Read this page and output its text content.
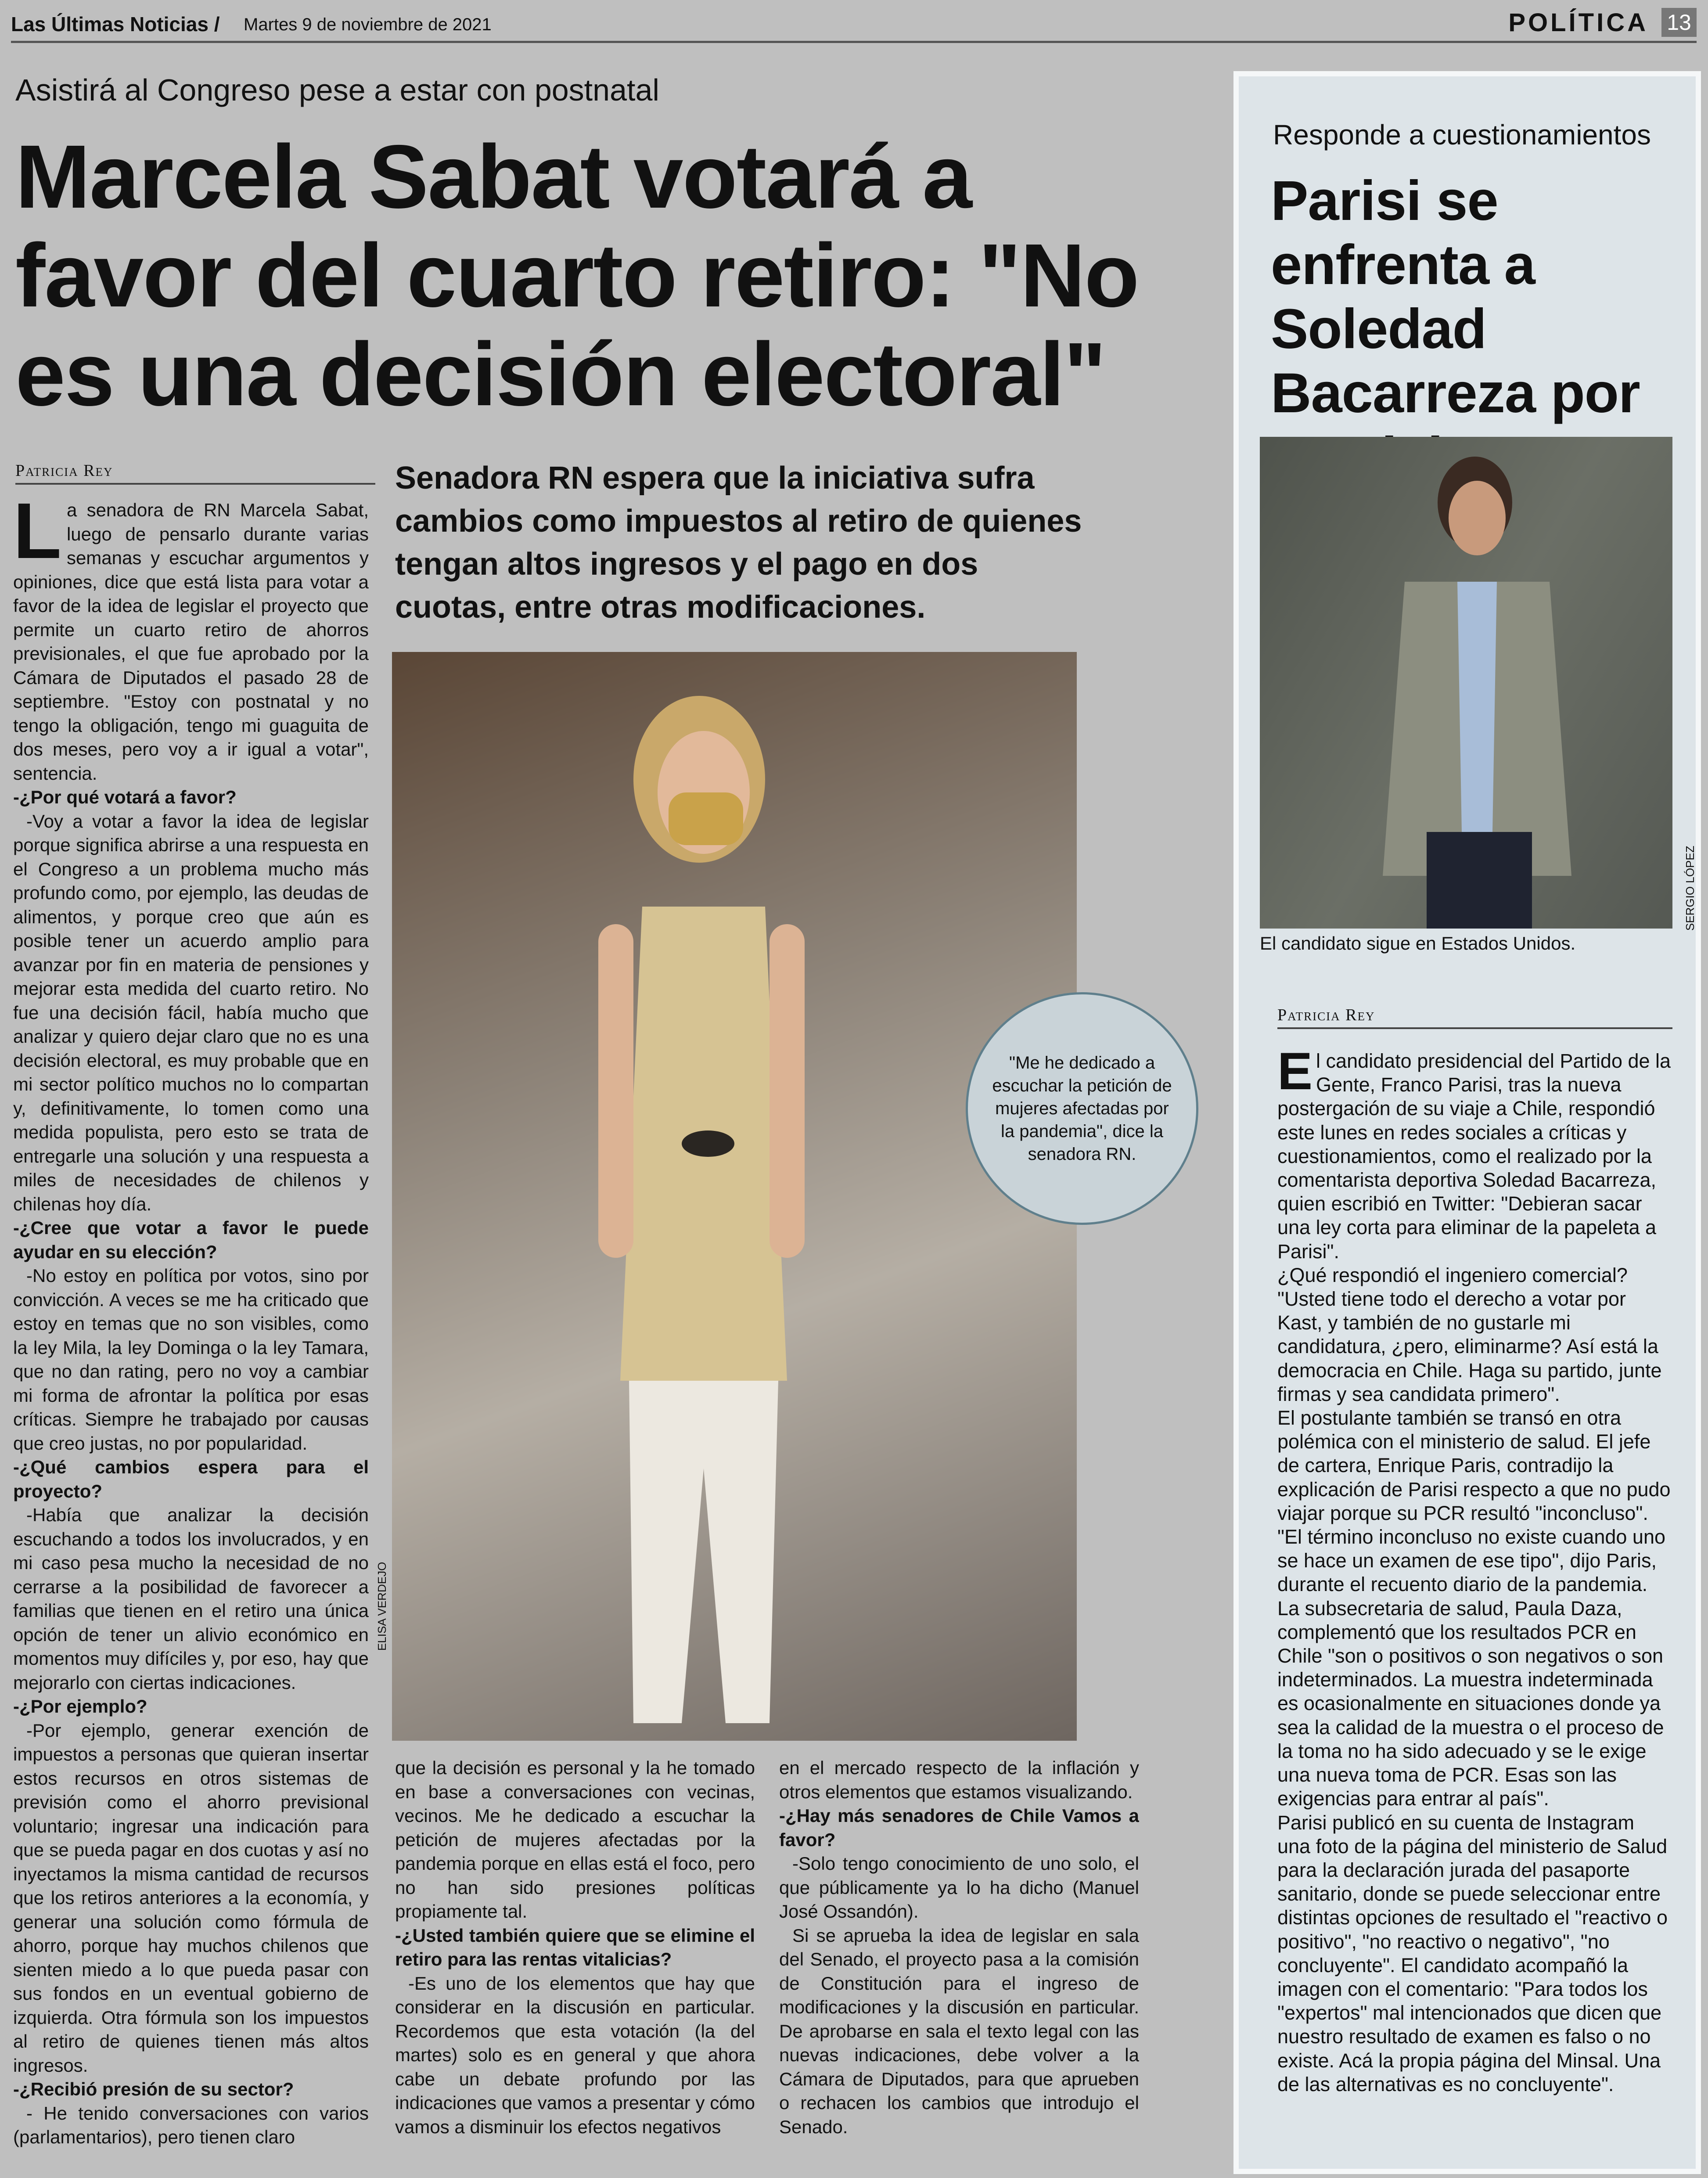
Las Últimas Noticias / Martes 9 de noviembre de 2021	POLÍTICA 13
Asistirá al Congreso pese a estar con postnatal
Marcela Sabat votará a favor del cuarto retiro: "No es una decisión electoral"
Patricia Rey	Senadora RN espera que la iniciativa sufra cambios como impuestos al retiro de quienes tengan altos ingresos y el pago en dos cuotas, entre otras modificaciones.
ELISA VERDEJO
"Me he dedicado a escuchar la petición de mujeres afectadas por la pandemia", dice la senadora RN.

La senadora de RN Marcela Sabat, luego de pensarlo durante varias semanas y escuchar argumentos y opiniones, dice que está lista para votar a favor de la idea de legislar el proyecto que permite un cuarto retiro de ahorros previsionales, el que fue aprobado por la Cámara de Diputados el pasado 28 de septiembre. "Estoy con postnatal y no tengo la obligación, tengo mi guaguita de dos meses, pero voy a ir igual a votar", sentencia.

-¿Por qué votará a favor?

-Voy a votar a favor la idea de legislar porque significa abrirse a una respuesta en el Congreso a un problema mucho más profundo como, por ejemplo, las deudas de alimentos, y porque creo que aún es posible tener un acuerdo amplio para avanzar por fin en materia de pensiones y mejorar esta medida del cuarto retiro. No fue una decisión fácil, había mucho que analizar y quiero dejar claro que no es una decisión electoral, es muy probable que en mi sector político muchos no lo compartan y, definitivamente, lo tomen como una medida populista, pero esto se trata de entregarle una solución y una respuesta a miles de necesidades de chilenos y chilenas hoy día.

-¿Cree que votar a favor le puede ayudar en su elección?

-No estoy en política por votos, sino por convicción. A veces se me ha criticado que estoy en temas que no son visibles, como la ley Mila, la ley Dominga o la ley Tamara, que no dan rating, pero no voy a cambiar mi forma de afrontar la política por esas críticas. Siempre he trabajado por causas que creo justas, no por popularidad.

-¿Qué cambios espera para el proyecto?

-Había que analizar la decisión escuchando a todos los involucrados, y en mi caso pesa mucho la necesidad de no cerrarse a la posibilidad de favorecer a familias que tienen en el retiro una única opción de tener un alivio económico en momentos muy difíciles y, por eso, hay que mejorarlo con ciertas indicaciones.

-¿Por ejemplo?

-Por ejemplo, generar exención de impuestos a personas que quieran insertar estos recursos en otros sistemas de previsión como el ahorro previsional voluntario; ingresar una indicación para que se pueda pagar en dos cuotas y así no inyectamos la misma cantidad de recursos que los retiros anteriores a la economía, y generar una solución como fórmula de ahorro, porque hay muchos chilenos que sienten miedo a lo que pueda pasar con sus fondos en un eventual gobierno de izquierda. Otra fórmula son los impuestos al retiro de quienes tienen más altos ingresos.

-¿Recibió presión de su sector?

- He tenido conversaciones con varios (parlamentarios), pero tienen claro

que la decisión es personal y la he tomado en base a conversaciones con vecinas, vecinos. Me he dedicado a escuchar la petición de mujeres afectadas por la pandemia porque en ellas está el foco, pero no han sido presiones políticas propiamente tal.

-¿Usted también quiere que se elimine el retiro para las rentas vitalicias?

-Es uno de los elementos que hay que considerar en la discusión en particular. Recordemos que esta votación (la del martes) solo es en general y que ahora cabe un debate profundo por las indicaciones que vamos a presentar y cómo vamos a disminuir los efectos negativos

en el mercado respecto de la inflación y otros elementos que estamos visualizando.

-¿Hay más senadores de Chile Vamos a favor?

-Solo tengo conocimiento de uno solo, el que públicamente ya lo ha dicho (Manuel José Ossandón).

Si se aprueba la idea de legislar en sala del Senado, el proyecto pasa a la comisión de Constitución para el ingreso de modificaciones y la discusión en particular. De aprobarse en sala el texto legal con las nuevas indicaciones, debe volver a la Cámara de Diputados, para que aprueben o rechacen los cambios que introdujo el Senado.

Responde a cuestionamientos
Parisi se enfrenta a Soledad Bacarreza por
SERGIO LÓPEZ
El candidato sigue en Estados Unidos.
Patricia Rey

El candidato presidencial del Partido de la Gente, Franco Parisi, tras la nueva postergación de su viaje a Chile, respondió este lunes en redes sociales a críticas y cuestionamientos, como el realizado por la comentarista deportiva Soledad Bacarreza, quien escribió en Twitter: "Debieran sacar una ley corta para eliminar de la papeleta a Parisi".

¿Qué respondió el ingeniero comercial? "Usted tiene todo el derecho a votar por Kast, y también de no gustarle mi candidatura, ¿pero, eliminarme? Así está la democracia en Chile. Haga su partido, junte firmas y sea candidata primero".

El postulante también se transó en otra polémica con el ministerio de salud. El jefe de cartera, Enrique Paris, contradijo la explicación de Parisi respecto a que no pudo viajar porque su PCR resultó "inconcluso".

"El término inconcluso no existe cuando uno se hace un examen de ese tipo", dijo Paris, durante el recuento diario de la pandemia. La subsecretaria de salud, Paula Daza, complementó que los resultados PCR en Chile "son o positivos o son negativos o son indeterminados. La muestra indeterminada es ocasionalmente en situaciones donde ya sea la calidad de la muestra o el proceso de la toma no ha sido adecuado y se le exige una nueva toma de PCR. Esas son las exigencias para entrar al país".

Parisi publicó en su cuenta de Instagram una foto de la página del ministerio de Salud para la declaración jurada del pasaporte sanitario, donde se puede seleccionar entre distintas opciones de resultado el "reactivo o positivo", "no reactivo o negativo", "no concluyente". El candidato acompañó la imagen con el comentario: "Para todos los "expertos" mal intencionados que dicen que nuestro resultado de examen es falso o no existe. Acá la propia página del Minsal. Una de las alternativas es no concluyente".
